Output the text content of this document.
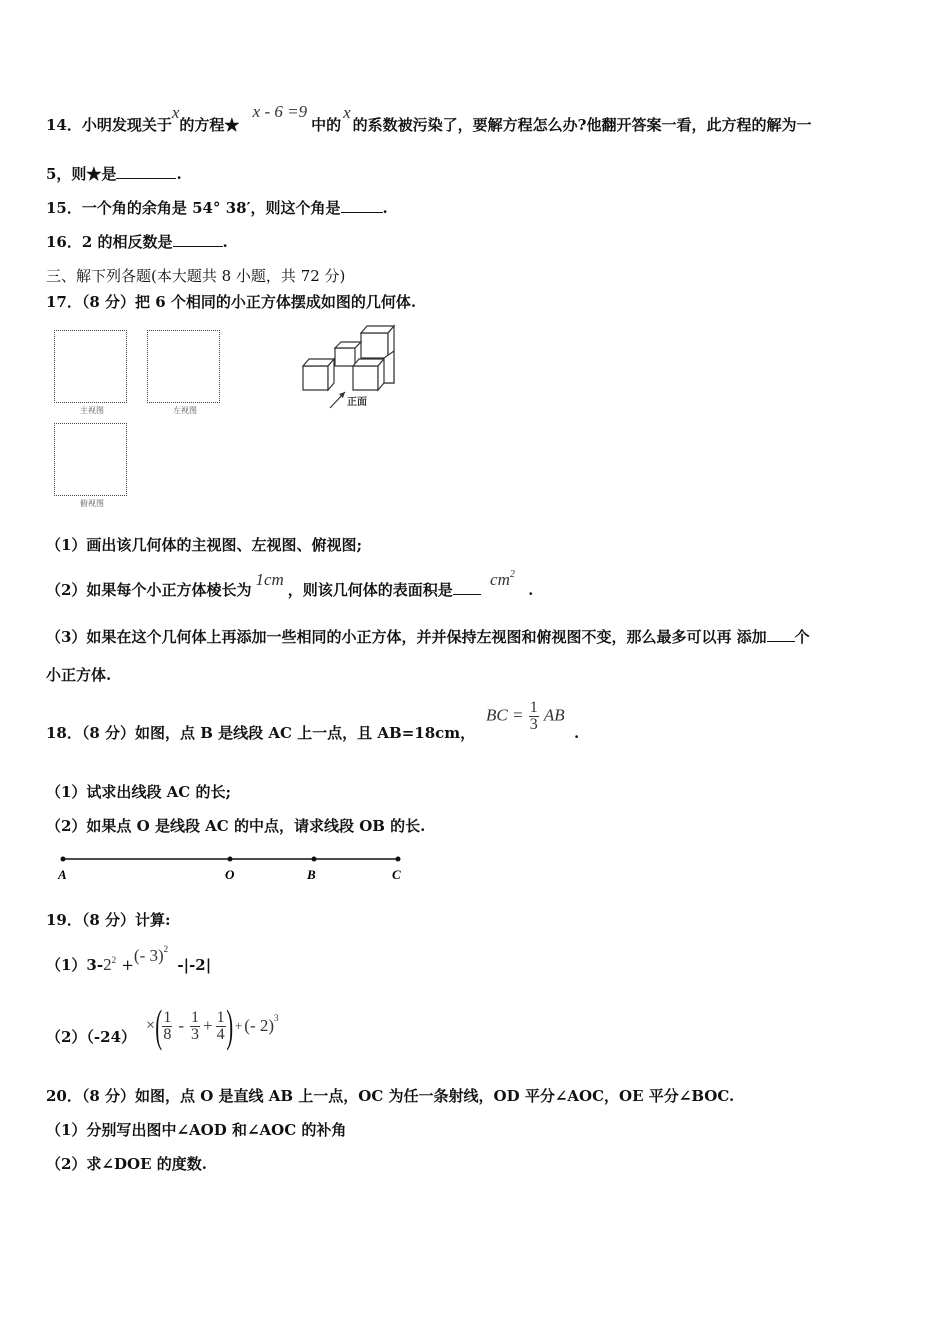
14．小明发现关于x的方程★ x - 6 =9中的x的系数被污染了，要解方程怎么办?他翻开答案一看，此方程的解为一
5，则★是	.
15．一个角的余角是 54° 38′，则这个角是	.
16．2 的相反数是	.
三、解下列各题(本大题共 8 小题，共 72 分)
17．（8 分）把 6 个相同的小正方体摆成如图的几何体.
主视图	左视图
俯视图
正面
（1）画出该几何体的主视图、左视图、俯视图;
（2）如果每个小正方体棱长为1cm，则该几何体的表面积是 $cm^2$ .
（3）如果在这个几何体上再添加一些相同的小正方体，并并保持左视图和俯视图不变，那么最多可以再 添加 个
小正方体.
18．（8 分）如图，点 B 是线段 AC 上一点，且 AB=18cm，
BC = $\frac{1}{3}$ AB
.
（1）试求出线段 AC 的长;
（2）如果点 O 是线段 AC 的中点，请求线段 OB 的长.
A	O	B	C
19．（8 分）计算:
$(1)3-2^2$ +(- 3)$^2$ -|-2|
（2）（-24）
× ( $\frac{1}{8} - \frac{1}{3} + \frac{1}{4}$ ) + (- 2) 3
20．（8 分）如图，点 O 是直线 AB 上一点，OC 为任一条射线，OD 平分∠AOC，OE 平分∠BOC.
（1）分别写出图中∠AOD 和∠AOC 的补角
（2）求∠DOE 的度数.
